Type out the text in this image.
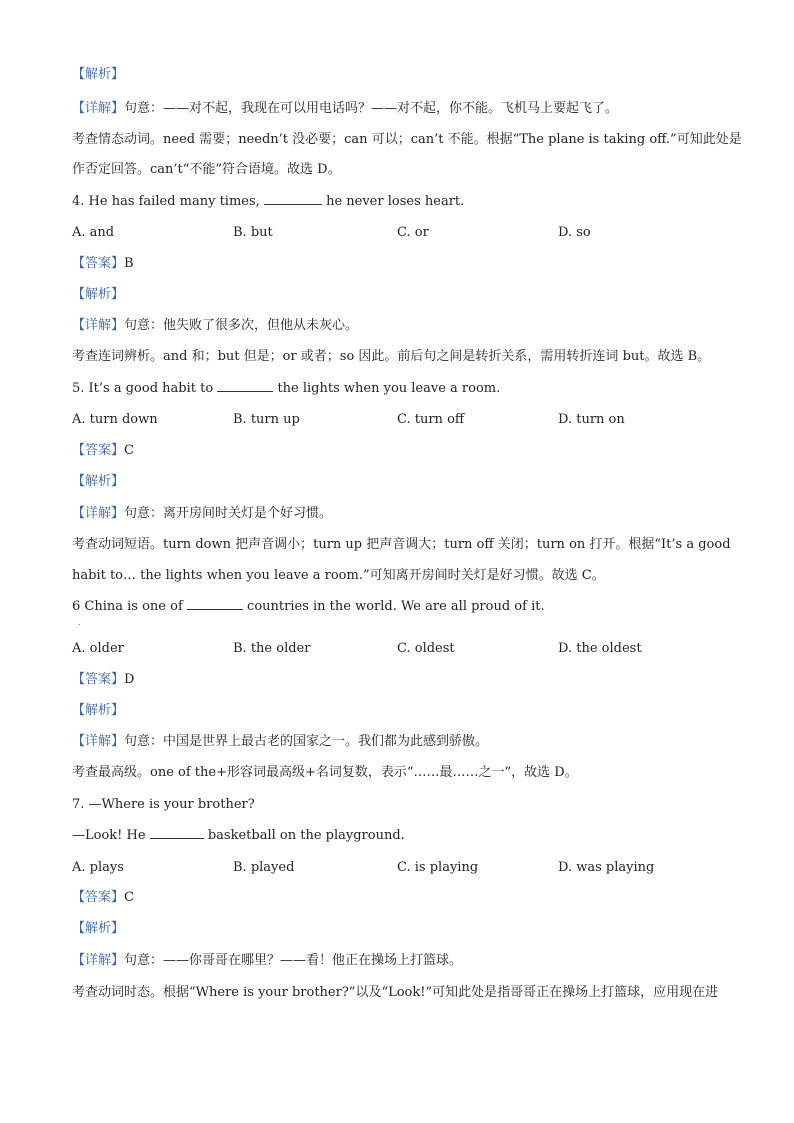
【解析】
【详解】句意：——对不起，我现在可以用电话吗？——对不起，你不能。飞机马上要起飞了。
考查情态动词。need 需要；needn’t 没必要；can 可以；can’t 不能。根据“The plane is taking off.”可知此处是
作否定回答。can’t“不能”符合语境。故选 D。
4. He has failed many times,	he never loses heart.
A. and	B. but	C. or	D. so
【答案】B
【解析】
【详解】句意：他失败了很多次，但他从未灰心。
考查连词辨析。and 和；but 但是；or 或者；so 因此。前后句之间是转折关系，需用转折连词 but。故选 B。
5. It’s a good habit to	the lights when you leave a room.
A. turn down	B. turn up	C. turn off	D. turn on
【答案】C
【解析】
【详解】句意：离开房间时关灯是个好习惯。
考查动词短语。turn down 把声音调小；turn up 把声音调大；turn off 关闭；turn on 打开。根据“It’s a good
habit to… the lights when you leave a room.”可知离开房间时关灯是好习惯。故选 C。
6 China is one of	countries in the world. We are all proud of it.
.
A. older	B. the older	C. oldest	D. the oldest
【答案】D
【解析】
【详解】句意：中国是世界上最古老的国家之一。我们都为此感到骄傲。
考查最高级。one of the+形容词最高级+名词复数，表示“……最……之一”，故选 D。
7. —Where is your brother?
—Look! He	basketball on the playground.
A. plays	B. played	C. is playing	D. was playing
【答案】C
【解析】
【详解】句意：——你哥哥在哪里？——看！他正在操场上打篮球。
考查动词时态。根据“Where is your brother?”以及“Look!”可知此处是指哥哥正在操场上打篮球，应用现在进
